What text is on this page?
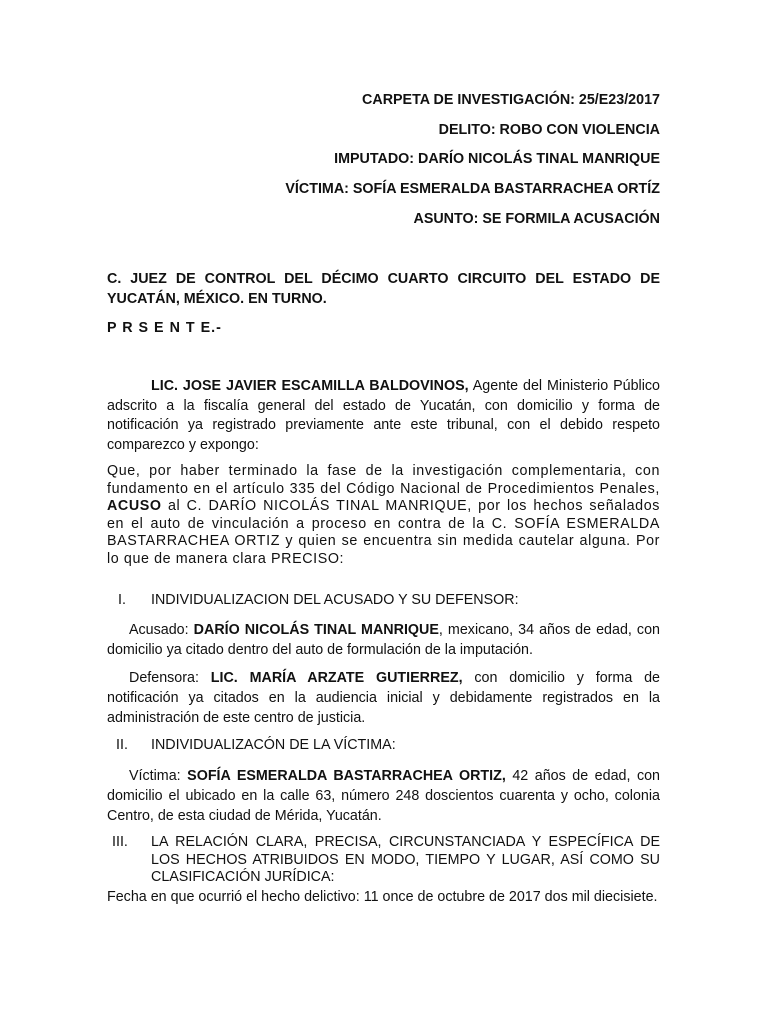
CARPETA DE INVESTIGACIÓN: 25/E23/2017
DELITO: ROBO CON VIOLENCIA
IMPUTADO: DARÍO NICOLÁS TINAL MANRIQUE
VÍCTIMA: SOFÍA ESMERALDA BASTARRACHEA ORTÍZ
ASUNTO: SE FORMILA ACUSACIÓN
C. JUEZ DE CONTROL DEL DÉCIMO CUARTO CIRCUITO DEL ESTADO DE YUCATÁN, MÉXICO. EN TURNO.
P R S E N T E.-
LIC. JOSE JAVIER ESCAMILLA BALDOVINOS, Agente del Ministerio Público adscrito a la fiscalía general del estado de Yucatán, con domicilio y forma de notificación ya registrado previamente ante este tribunal, con el debido respeto comparezco y expongo:
Que, por haber terminado la fase de la investigación complementaria, con fundamento en el artículo 335 del Código Nacional de Procedimientos Penales, ACUSO al C. DARÍO NICOLÁS TINAL MANRIQUE, por los hechos señalados en el auto de vinculación a proceso en contra de la C. SOFÍA ESMERALDA BASTARRACHEA ORTIZ y quien se encuentra sin medida cautelar alguna. Por lo que de manera clara PRECISO:
I. INDIVIDUALIZACION DEL ACUSADO Y SU DEFENSOR:
Acusado: DARÍO NICOLÁS TINAL MANRIQUE, mexicano, 34 años de edad, con domicilio ya citado dentro del auto de formulación de la imputación.
Defensora: LIC. MARÍA ARZATE GUTIERREZ, con domicilio y forma de notificación ya citados en la audiencia inicial y debidamente registrados en la administración de este centro de justicia.
II. INDIVIDUALIZACÓN DE LA VÍCTIMA:
Víctima: SOFÍA ESMERALDA BASTARRACHEA ORTIZ, 42 años de edad, con domicilio el ubicado en la calle 63, número 248 doscientos cuarenta y ocho, colonia Centro, de esta ciudad de Mérida, Yucatán.
III. LA RELACIÓN CLARA, PRECISA, CIRCUNSTANCIADA Y ESPECÍFICA DE LOS HECHOS ATRIBUIDOS EN MODO, TIEMPO Y LUGAR, ASÍ COMO SU CLASIFICACIÓN JURÍDICA:
Fecha en que ocurrió el hecho delictivo: 11 once de octubre de 2017 dos mil diecisiete.
